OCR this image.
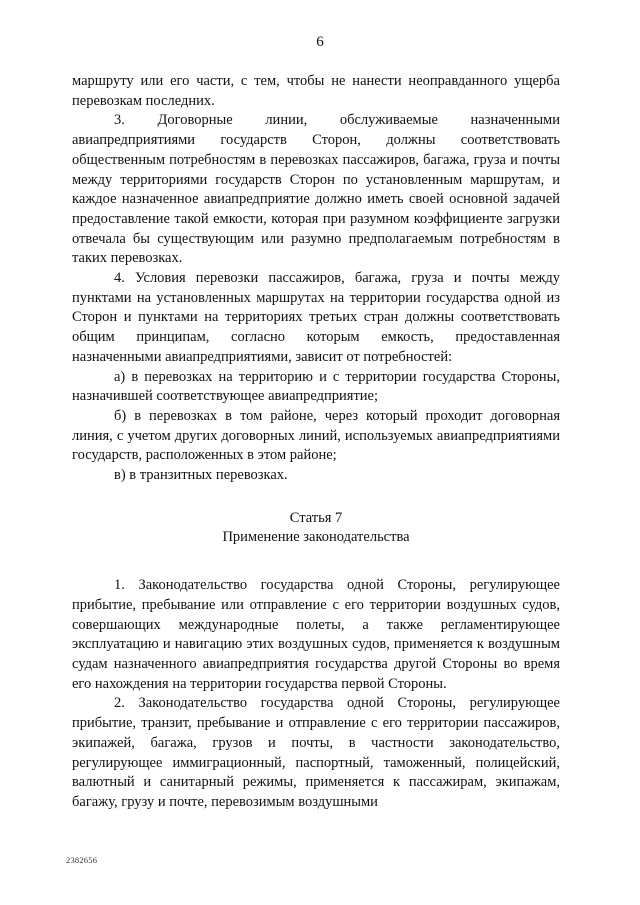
6

маршруту или его части, с тем, чтобы не нанести неоправданного ущерба перевозкам последних.

3. Договорные линии, обслуживаемые назначенными авиапредприятиями государств Сторон, должны соответствовать общественным потребностям в перевозках пассажиров, багажа, груза и почты между территориями государств Сторон по установленным маршрутам, и каждое назначенное авиапредприятие должно иметь своей основной задачей предоставление такой емкости, которая при разумном коэффициенте загрузки отвечала бы существующим или разумно предполагаемым потребностям в таких перевозках.

4. Условия перевозки пассажиров, багажа, груза и почты между пунктами на установленных маршрутах на территории государства одной из Сторон и пунктами на территориях третьих стран должны соответствовать общим принципам, согласно которым емкость, предоставленная назначенными авиапредприятиями, зависит от потребностей:

а) в перевозках на территорию и с территории государства Стороны, назначившей соответствующее авиапредприятие;

б) в перевозках в том районе, через который проходит договорная линия, с учетом других договорных линий, используемых авиапредприятиями государств, расположенных в этом районе;

в) в транзитных перевозках.

Статья 7

Применение законодательства

1. Законодательство государства одной Стороны, регулирующее прибытие, пребывание или отправление с его территории воздушных судов, совершающих международные полеты, а также регламентирующее эксплуатацию и навигацию этих воздушных судов, применяется к воздушным судам назначенного авиапредприятия государства другой Стороны во время его нахождения на территории государства первой Стороны.

2. Законодательство государства одной Стороны, регулирующее прибытие, транзит, пребывание и отправление с его территории пассажиров, экипажей, багажа, грузов и почты, в частности законодательство, регулирующее иммиграционный, паспортный, таможенный, полицейский, валютный и санитарный режимы, применяется к пассажирам, экипажам, багажу, грузу и почте, перевозимым воздушными

2382656
